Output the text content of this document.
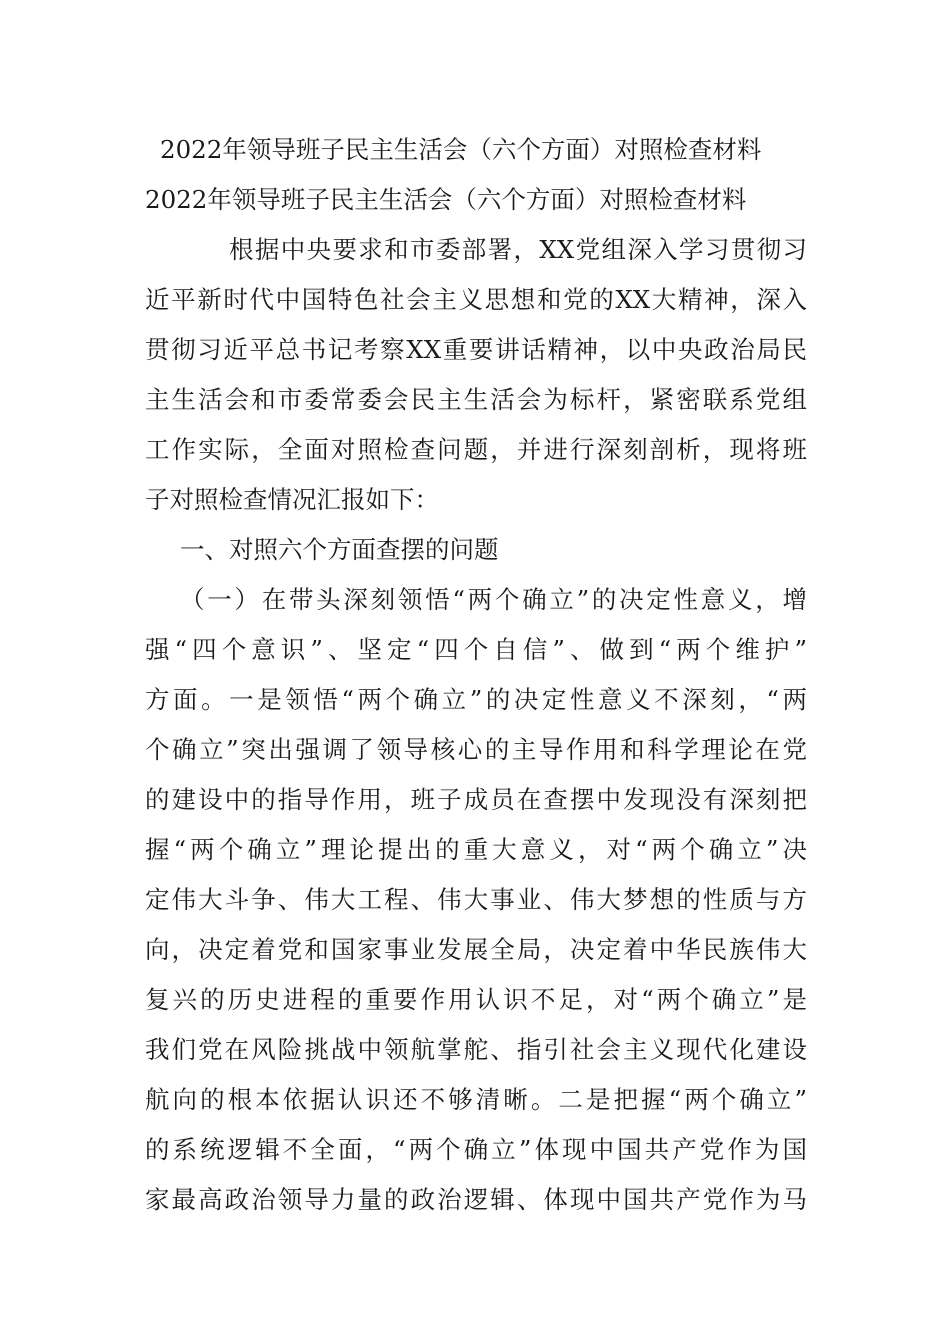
2022年领导班子民主生活会（六个方面）对照检查材料
2022年领导班子民主生活会（六个方面）对照检查材料
根据中央要求和市委部署，XX党组深入学习贯彻习
近平新时代中国特色社会主义思想和党的XX大精神，深入
贯彻习近平总书记考察XX重要讲话精神，以中央政治局民
主生活会和市委常委会民主生活会为标杆，紧密联系党组
工作实际，全面对照检查问题，并进行深刻剖析，现将班
子对照检查情况汇报如下：
一、对照六个方面查摆的问题
（一）在带头深刻领悟“两个确立”的决定性意义，增
强“四个意识”、坚定“四个自信”、做到“两个维护”
方面。一是领悟“两个确立”的决定性意义不深刻，“两
个确立”突出强调了领导核心的主导作用和科学理论在党
的建设中的指导作用，班子成员在查摆中发现没有深刻把
握“两个确立”理论提出的重大意义，对“两个确立”决
定伟大斗争、伟大工程、伟大事业、伟大梦想的性质与方
向，决定着党和国家事业发展全局，决定着中华民族伟大
复兴的历史进程的重要作用认识不足，对“两个确立”是
我们党在风险挑战中领航掌舵、指引社会主义现代化建设
航向的根本依据认识还不够清晰。二是把握“两个确立”
的系统逻辑不全面，“两个确立”体现中国共产党作为国
家最高政治领导力量的政治逻辑、体现中国共产党作为马
